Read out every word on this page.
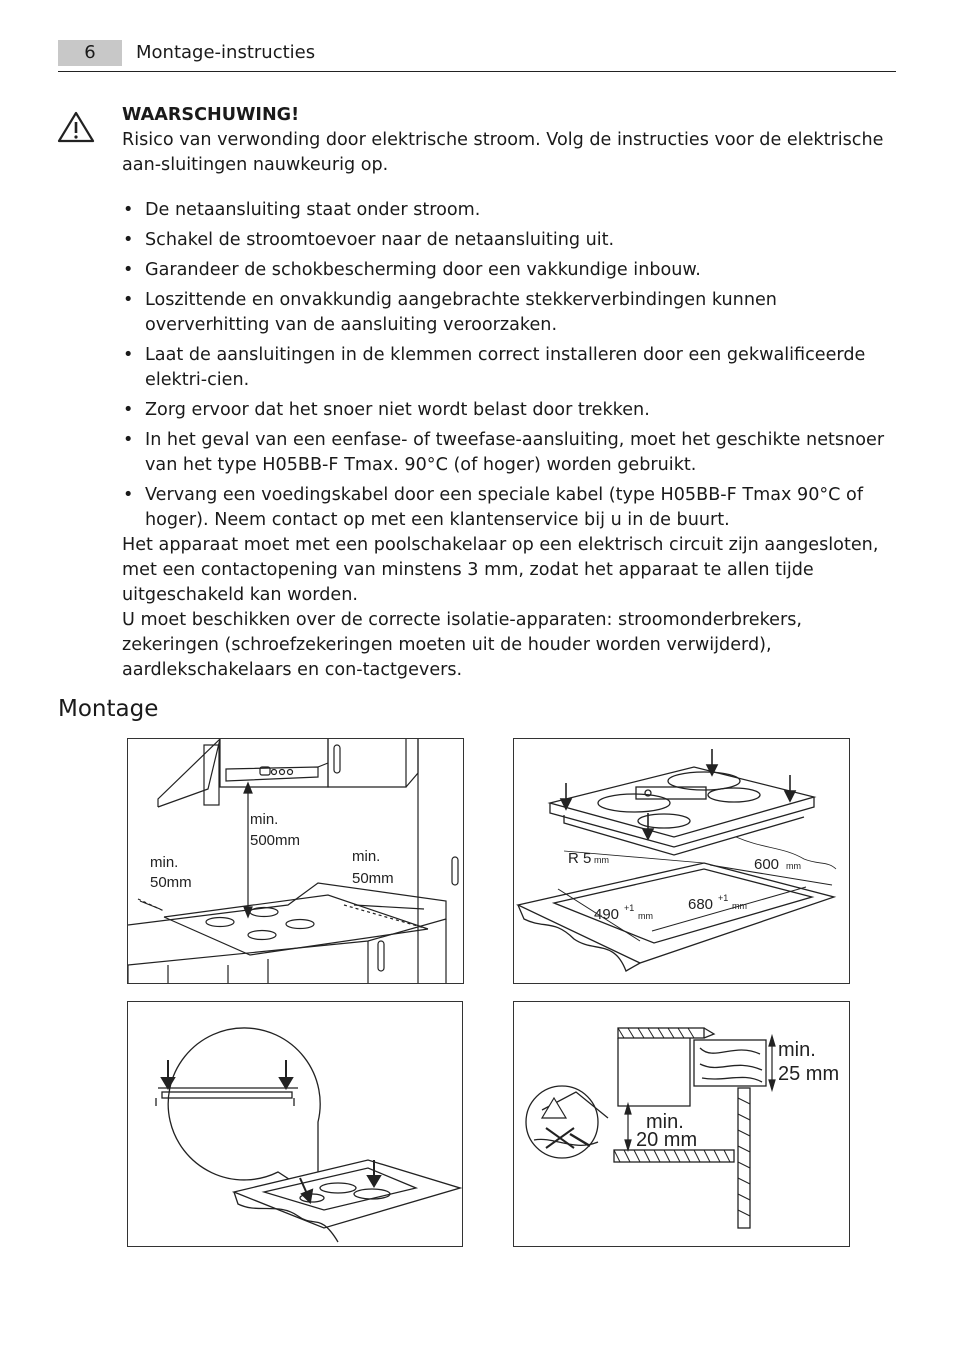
6	Montage-instructies

WAARSCHUWING!

Risico van verwonding door elektrische stroom. Volg de instructies voor de elektrische aan-sluitingen nauwkeurig op.

• De netaansluiting staat onder stroom.
• Schakel de stroomtoevoer naar de netaansluiting uit.
• Garandeer de schokbescherming door een vakkundige inbouw.
• Loszittende en onvakkundig aangebrachte stekkerverbindingen kunnen oververhitting van de aansluiting veroorzaken.
• Laat de aansluitingen in de klemmen correct installeren door een gekwalificeerde elektri-cien.
• Zorg ervoor dat het snoer niet wordt belast door trekken.
• In het geval van een eenfase- of tweefase-aansluiting, moet het geschikte netsnoer van het type H05BB-F Tmax. 90°C (of hoger) worden gebruikt.
• Vervang een voedingskabel door een speciale kabel (type H05BB-F Tmax 90°C of hoger). Neem contact op met een klantenservice bij u in de buurt.

Het apparaat moet met een poolschakelaar op een elektrisch circuit zijn aangesloten, met een contactopening van minstens 3 mm, zodat het apparaat te allen tijde uitgeschakeld kan worden.

U moet beschikken over de correcte isolatie-apparaten: stroomonderbrekers, zekeringen (schroefzekeringen moeten uit de houder worden verwijderd), aardlekschakelaars en con-tactgevers.

Montage
min.
500mm
min.
50mm
min.
50mm
R 5 mm	600 mm
680 +1
mm
490 +1
mm
min.
25 mm
min.
20 mm
